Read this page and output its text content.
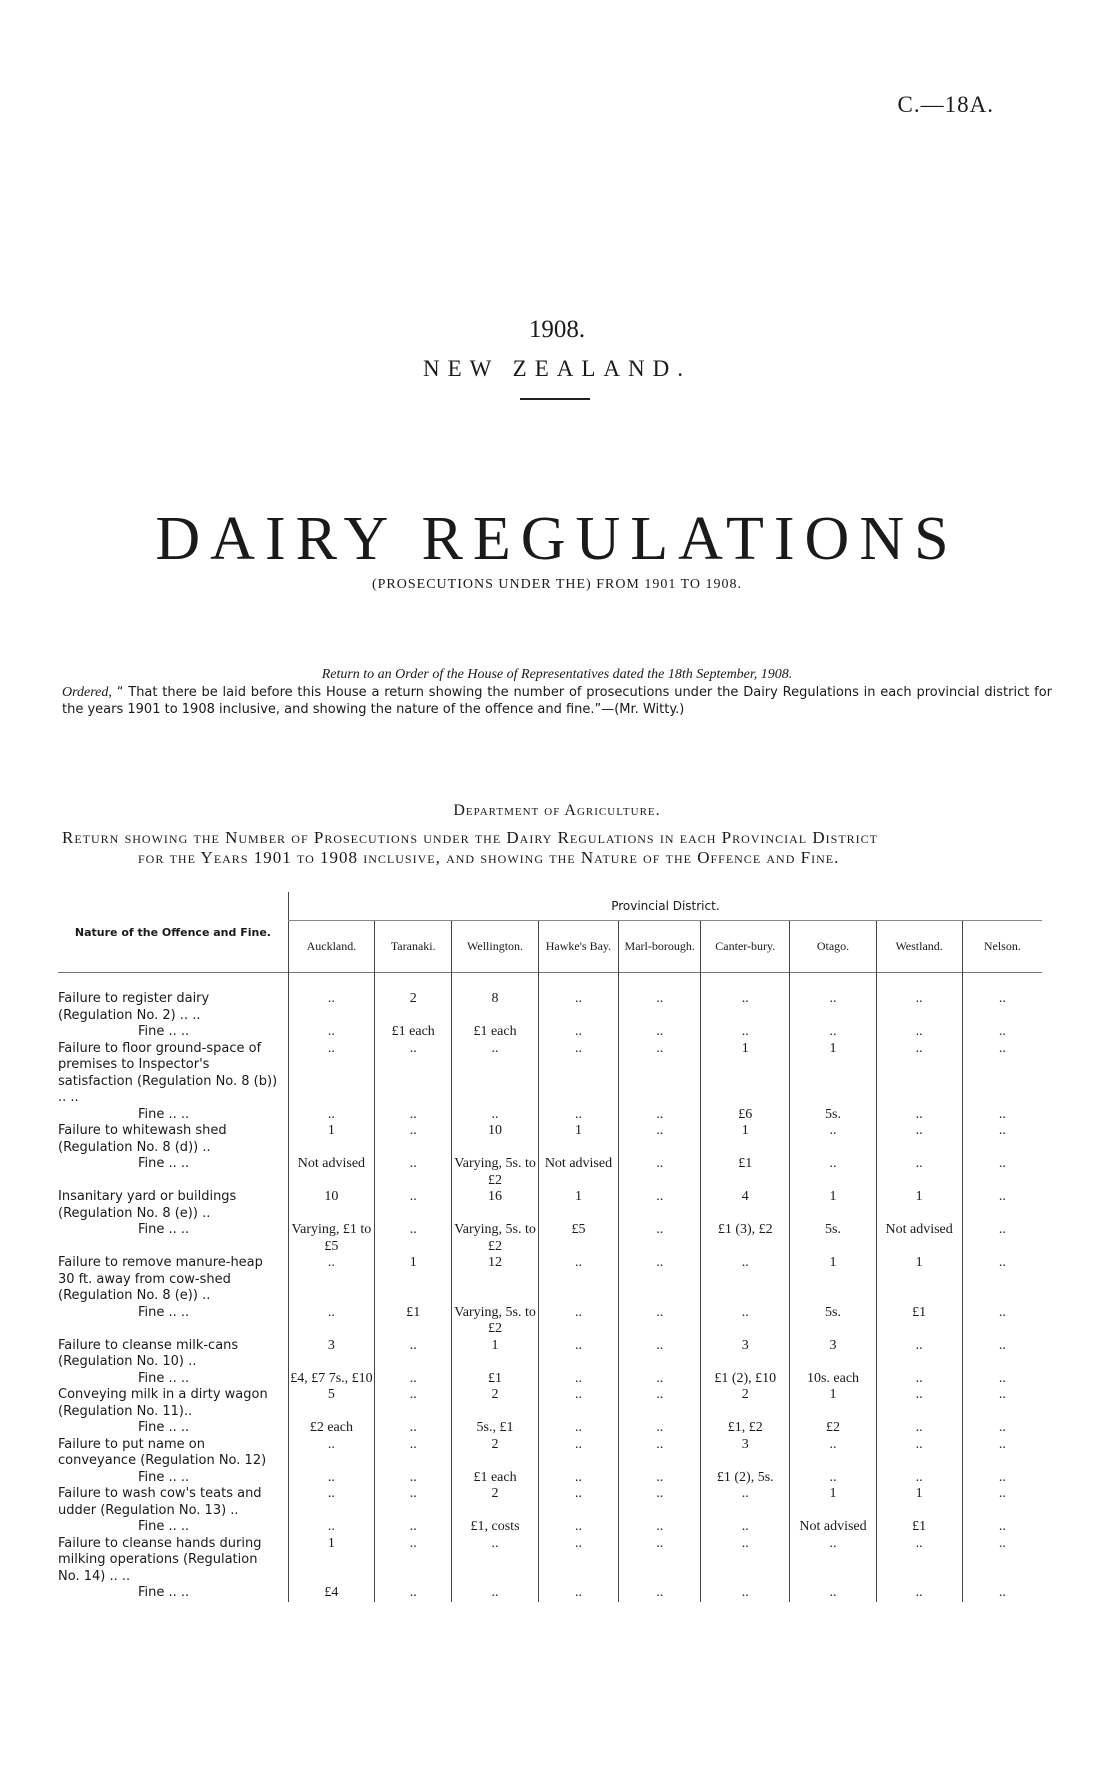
C.—18A.
1908.
NEW ZEALAND.
DAIRY REGULATIONS
(PROSECUTIONS UNDER THE) FROM 1901 TO 1908.
Return to an Order of the House of Representatives dated the 18th September, 1908.
Ordered, “ That there be laid before this House a return showing the number of prosecutions under the Dairy Regulations in each provincial district for the years 1901 to 1908 inclusive, and showing the nature of the offence and fine.”—(Mr. Witty.)
Department of Agriculture.
Return showing the Number of Prosecutions under the Dairy Regulations in each Provincial District
for the Years 1901 to 1908 inclusive, and showing the Nature of the Offence and Fine.
Nature of the Offence and Fine.	Provincial District.								
	Auckland.	Taranaki.	Wellington.	Hawke's Bay.	Marl-borough.	Canter-bury.	Otago.	Westland.	Nelson.

Failure to register dairy (Regulation No. 2) .. ..	..	2	8	..	..	..	..	..	..

Fine .. ..	..	£1 each	£1 each	..	..	..	..	..	..
Failure to floor ground-space of premises to Inspector's satisfaction (Regulation No. 8 (b)) .. ..	..	..	..	..	..	1	1	..	..

Fine .. ..	..	..	..	..	..	£6	5s.	..	..
Failure to whitewash shed (Regulation No. 8 (d)) ..	1	..	10	1	..	1	..	..	..

Fine .. ..	Not advised	..	Varying, 5s. to £2	Not advised	..	£1	..	..	..
Insanitary yard or buildings (Regulation No. 8 (e)) ..	10	..	16	1	..	4	1	1	..

Fine .. ..	Varying, £1 to £5	..	Varying, 5s. to £2	£5	..	£1 (3), £2	5s.	Not advised	..
Failure to remove manure-heap 30 ft. away from cow-shed (Regulation No. 8 (e)) ..	..	1	12	..	..	..	1	1	..

Fine .. ..	..	£1	Varying, 5s. to £2	..	..	..	5s.	£1	..
Failure to cleanse milk-cans (Regulation No. 10) ..	3	..	1	..	..	3	3	..	..

Fine .. ..	£4, £7 7s., £10	..	£1	..	..	£1 (2), £10	10s. each	..	..
Conveying milk in a dirty wagon (Regulation No. 11)..	5	..	2	..	..	2	1	..	..

Fine .. ..	£2 each	..	5s., £1	..	..	£1, £2	£2	..	..
Failure to put name on conveyance (Regulation No. 12)	..	..	2	..	..	3	..	..	..

Fine .. ..	..	..	£1 each	..	..	£1 (2), 5s.	..	..	..
Failure to wash cow's teats and udder (Regulation No. 13) ..	..	..	2	..	..	..	1	1	..

Fine .. ..	..	..	£1, costs	..	..	..	Not advised	£1	..
Failure to cleanse hands during milking operations (Regulation No. 14) .. ..	1	..	..	..	..	..	..	..	..

Fine .. ..	£4	..	..	..	..	..	..	..	..
